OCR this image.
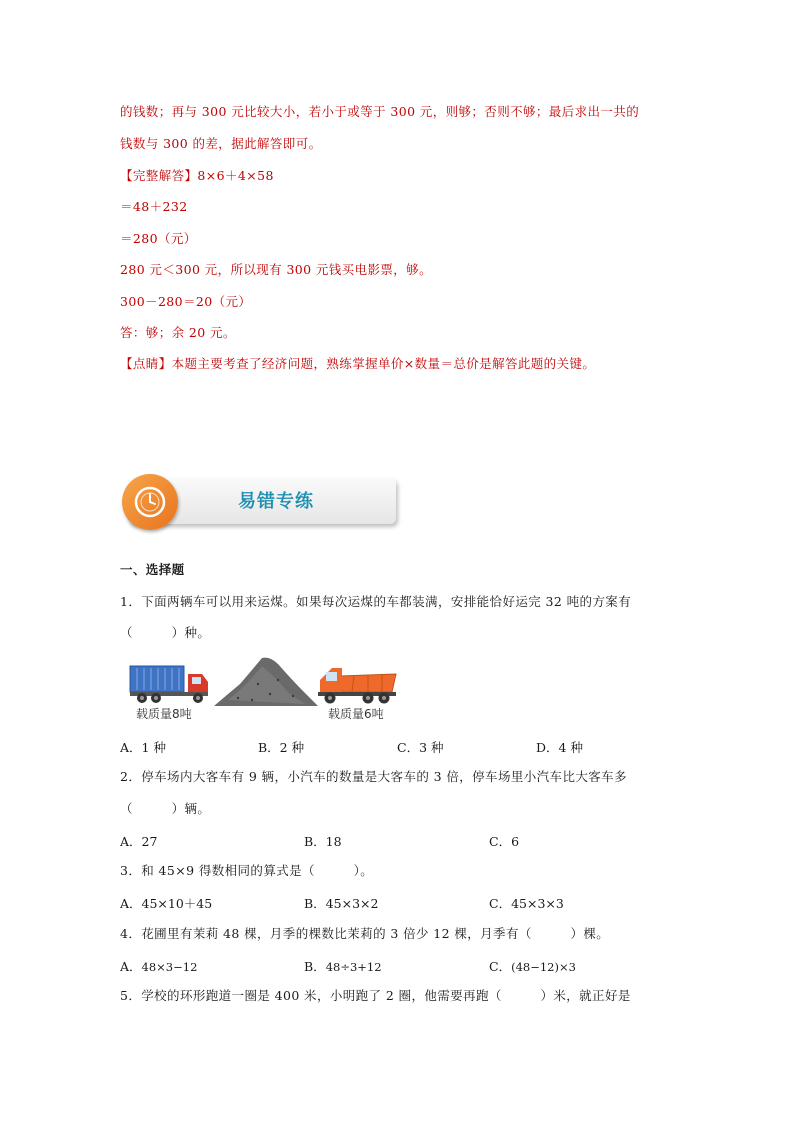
的钱数；再与 300 元比较大小，若小于或等于 300 元，则够；否则不够；最后求出一共的
钱数与 300 的差，据此解答即可。
【完整解答】8×6＋4×58
＝48＋232
＝280（元）
280 元＜300 元，所以现有 300 元钱买电影票，够。
300－280＝20（元）
答：够；余 20 元。
【点睛】本题主要考查了经济问题，熟练掌握单价×数量＝总价是解答此题的关键。
易错专练
一、选择题
1．下面两辆车可以用来运煤。如果每次运煤的车都装满，安排能恰好运完 32 吨的方案有
（　　　）种。
载质量8吨	载质量6吨
A．1 种	B．2 种	C．3 种	D．4 种
2．停车场内大客车有 9 辆，小汽车的数量是大客车的 3 倍，停车场里小汽车比大客车多
（　　　）辆。
A．27	B．18	C．6
3．和 45×9 得数相同的算式是（　　　）。
A．45×10＋45	B．45×3×2	C．45×3×3
4．花圃里有茉莉 48 棵，月季的棵数比茉莉的 3 倍少 12 棵，月季有（　　　）棵。
A．48×3−12	B．48÷3+12	C．(48−12)×3
5．学校的环形跑道一圈是 400 米，小明跑了 2 圈，他需要再跑（　　　）米，就正好是
